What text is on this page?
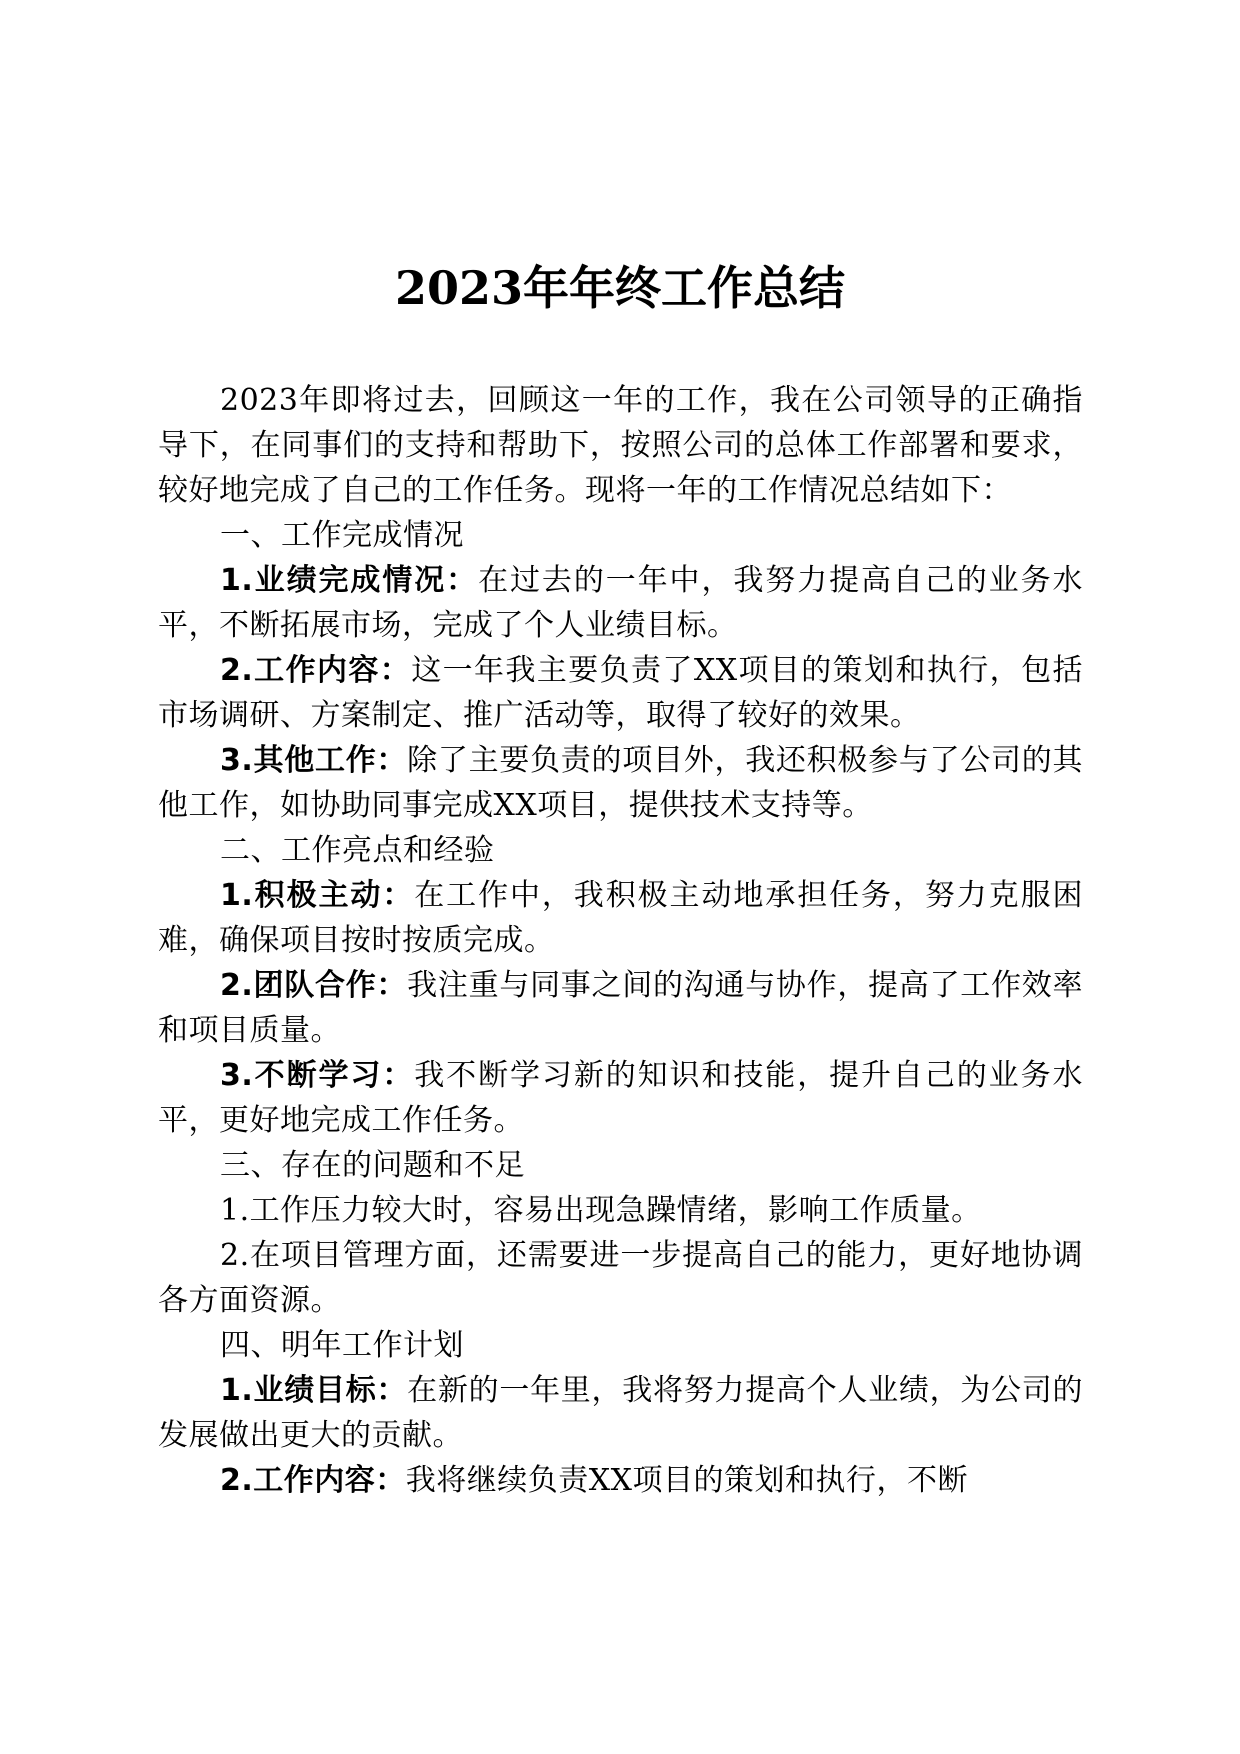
2023年年终工作总结

2023年即将过去，回顾这一年的工作，我在公司领导的正确指导下，在同事们的支持和帮助下，按照公司的总体工作部署和要求，较好地完成了自己的工作任务。现将一年的工作情况总结如下：

一、工作完成情况

1.业绩完成情况：在过去的一年中，我努力提高自己的业务水平，不断拓展市场，完成了个人业绩目标。

2.工作内容：这一年我主要负责了XX项目的策划和执行，包括市场调研、方案制定、推广活动等，取得了较好的效果。

3.其他工作：除了主要负责的项目外，我还积极参与了公司的其他工作，如协助同事完成XX项目，提供技术支持等。

二、工作亮点和经验

1.积极主动：在工作中，我积极主动地承担任务，努力克服困难，确保项目按时按质完成。

2.团队合作：我注重与同事之间的沟通与协作，提高了工作效率和项目质量。

3.不断学习：我不断学习新的知识和技能，提升自己的业务水平，更好地完成工作任务。

三、存在的问题和不足

1.工作压力较大时，容易出现急躁情绪，影响工作质量。

2.在项目管理方面，还需要进一步提高自己的能力，更好地协调各方面资源。

四、明年工作计划

1.业绩目标：在新的一年里，我将努力提高个人业绩，为公司的发展做出更大的贡献。

2.工作内容：我将继续负责XX项目的策划和执行，不断
